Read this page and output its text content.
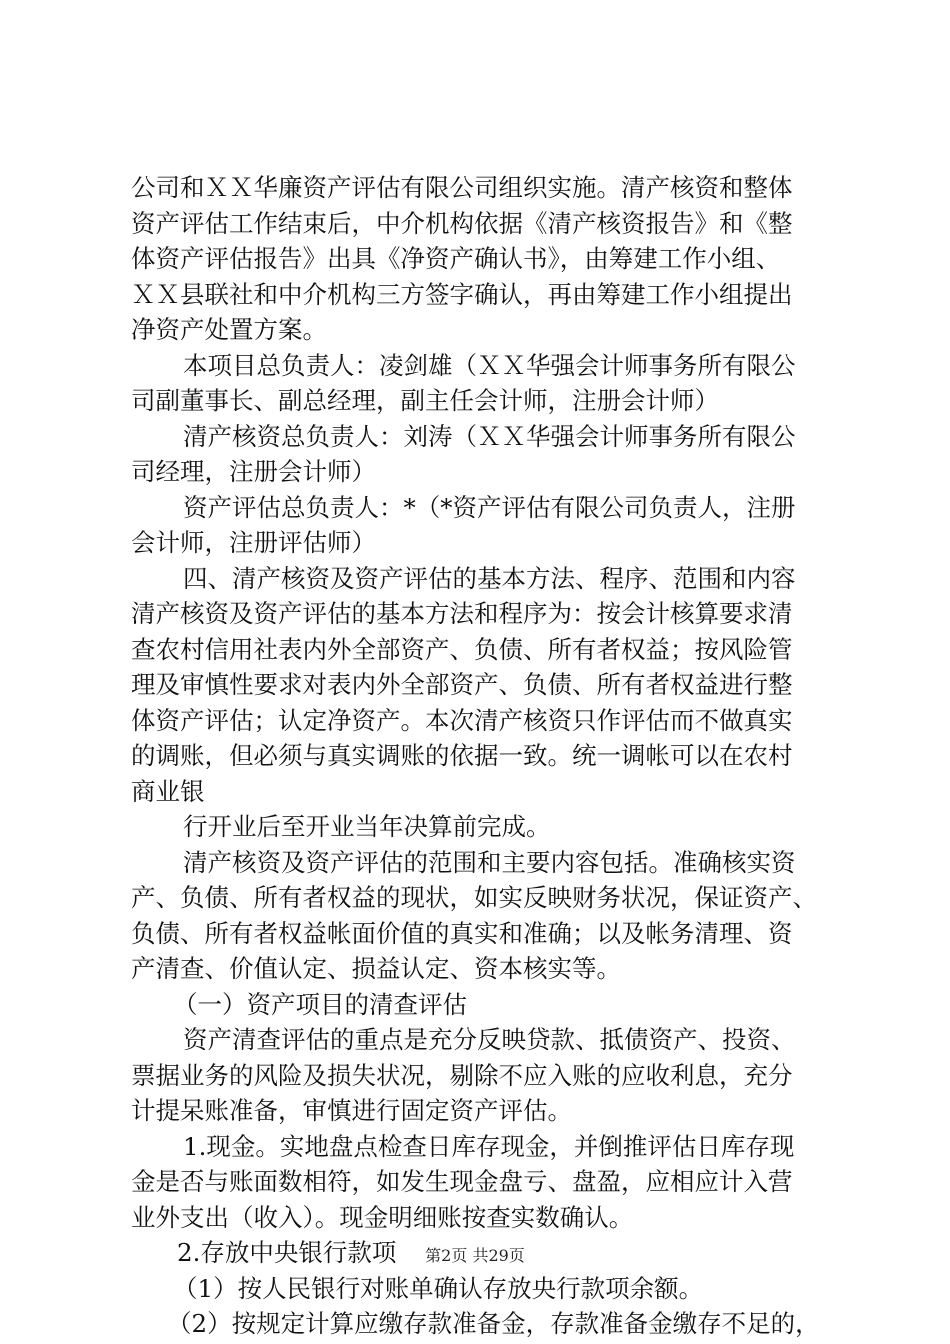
公司和ＸＸ华廉资产评估有限公司组织实施。清产核资和整体
资产评估工作结束后，中介机构依据《清产核资报告》和《整
体资产评估报告》出具《净资产确认书》，由筹建工作小组、
ＸＸ县联社和中介机构三方签字确认，再由筹建工作小组提出
净资产处置方案。
本项目总负责人：凌剑雄（ＸＸ华强会计师事务所有限公
司副董事长、副总经理，副主任会计师，注册会计师）
清产核资总负责人：刘涛（ＸＸ华强会计师事务所有限公
司经理，注册会计师）
资产评估总负责人：*（*资产评估有限公司负责人，注册
会计师，注册评估师）
四、清产核资及资产评估的基本方法、程序、范围和内容
清产核资及资产评估的基本方法和程序为：按会计核算要求清
查农村信用社表内外全部资产、负债、所有者权益；按风险管
理及审慎性要求对表内外全部资产、负债、所有者权益进行整
体资产评估；认定净资产。本次清产核资只作评估而不做真实
的调账，但必须与真实调账的依据一致。统一调帐可以在农村
商业银
行开业后至开业当年决算前完成。
清产核资及资产评估的范围和主要内容包括。准确核实资
产、负债、所有者权益的现状，如实反映财务状况，保证资产、
负债、所有者权益帐面价值的真实和准确；以及帐务清理、资
产清查、价值认定、损益认定、资本核实等。
（一）资产项目的清查评估
资产清查评估的重点是充分反映贷款、抵债资产、投资、
票据业务的风险及损失状况，剔除不应入账的应收利息，充分
计提呆账准备，审慎进行固定资产评估。
1.现金。实地盘点检查日库存现金，并倒推评估日库存现
金是否与账面数相符，如发生现金盘亏、盘盈，应相应计入营
业外支出（收入）。现金明细账按查实数确认。
2.存放中央银行款项
（1）按人民银行对账单确认存放央行款项余额。
（2）按规定计算应缴存款准备金，存款准备金缴存不足的，
第2页 共29页
